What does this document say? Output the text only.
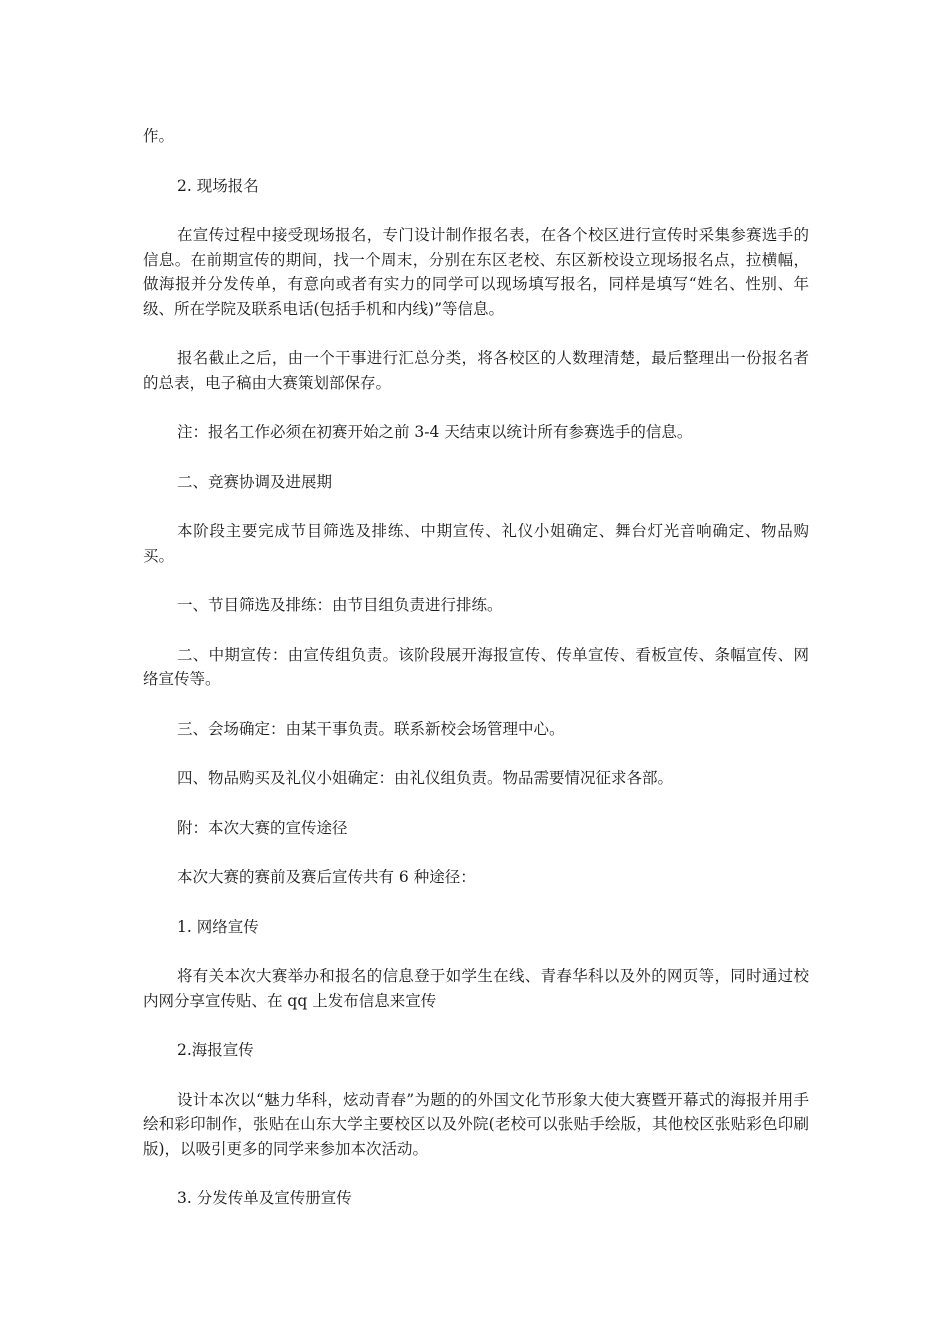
作。

2. 现场报名

在宣传过程中接受现场报名，专门设计制作报名表，在各个校区进行宣传时采集参赛选手的信息。在前期宣传的期间，找一个周末，分别在东区老校、东区新校设立现场报名点，拉横幅，做海报并分发传单，有意向或者有实力的同学可以现场填写报名，同样是填写“姓名、性别、年级、所在学院及联系电话(包括手机和内线)”等信息。

报名截止之后，由一个干事进行汇总分类，将各校区的人数理清楚，最后整理出一份报名者的总表，电子稿由大赛策划部保存。

注：报名工作必须在初赛开始之前 3-4 天结束以统计所有参赛选手的信息。

二、竞赛协调及进展期

本阶段主要完成节目筛选及排练、中期宣传、礼仪小姐确定、舞台灯光音响确定、物品购买。

一、节目筛选及排练：由节目组负责进行排练。

二、中期宣传：由宣传组负责。该阶段展开海报宣传、传单宣传、看板宣传、条幅宣传、网络宣传等。

三、会场确定：由某干事负责。联系新校会场管理中心。

四、物品购买及礼仪小姐确定：由礼仪组负责。物品需要情况征求各部。

附：本次大赛的宣传途径

本次大赛的赛前及赛后宣传共有 6 种途径：

1. 网络宣传

将有关本次大赛举办和报名的信息登于如学生在线、青春华科以及外的网页等，同时通过校内网分享宣传贴、在 qq 上发布信息来宣传

2.海报宣传

设计本次以“魅力华科，炫动青春”为题的的外国文化节形象大使大赛暨开幕式的海报并用手绘和彩印制作，张贴在山东大学主要校区以及外院(老校可以张贴手绘版，其他校区张贴彩色印刷版)，以吸引更多的同学来参加本次活动。

3. 分发传单及宣传册宣传
